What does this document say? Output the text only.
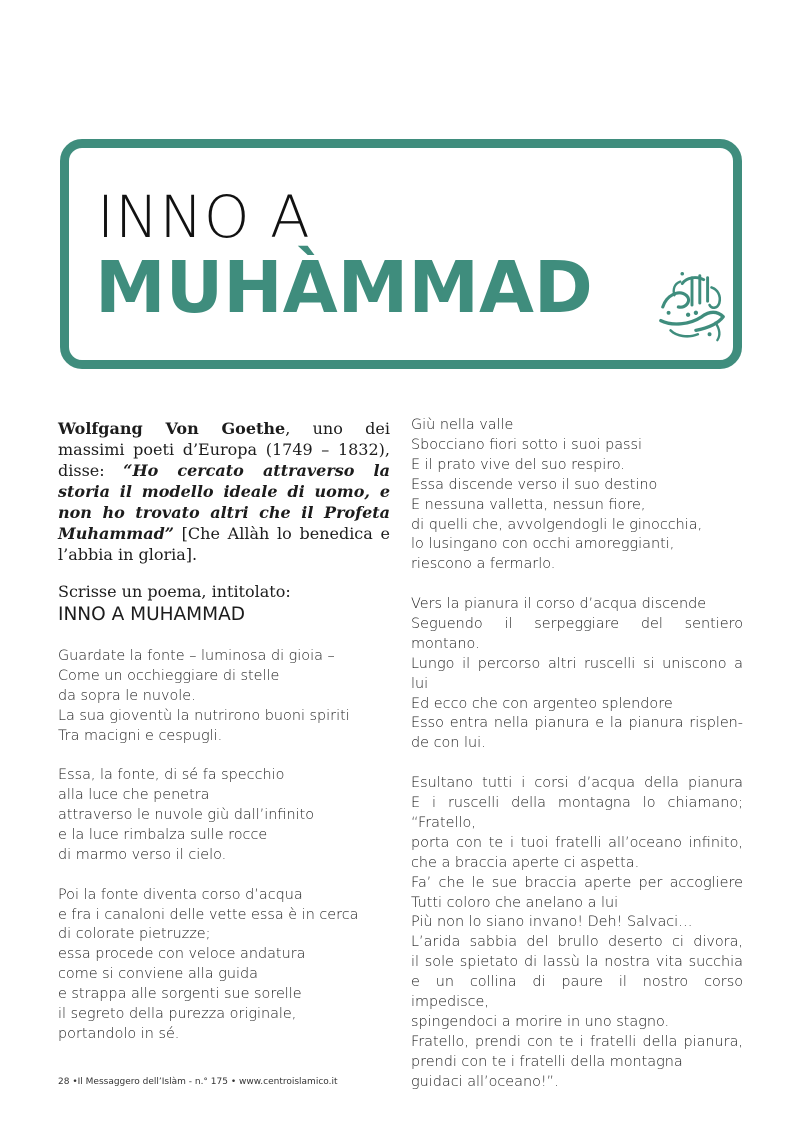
INNO A
MUHÀMMAD

Wolfgang Von Goethe, uno dei massimi poeti d’Europa (1749 – 1832), disse: “Ho cercato attraverso la storia il modello ideale di uomo, e non ho trovato altri che il Profeta Muhammad” [Che Allàh lo benedica e l’abbia in gloria].

Scrisse un poema, intitolato:

INNO A MUHAMMAD

Guardate la fonte – luminosa di gioia –
Come un occhieggiare di stelle
da sopra le nuvole.
La sua gioventù la nutrirono buoni spiriti
Tra macigni e cespugli.

Essa, la fonte, di sé fa specchio
alla luce che penetra
attraverso le nuvole giù dall’infinito
e la luce rimbalza sulle rocce
di marmo verso il cielo.

Poi la fonte diventa corso d’acqua
e fra i canaloni delle vette essa è in cerca
di colorate pietruzze;
essa procede con veloce andatura
come si conviene alla guida
e strappa alle sorgenti sue sorelle
il segreto della purezza originale,
portandolo in sé.

Giù nella valle
Sbocciano fiori sotto i suoi passi
E il prato vive del suo respiro.
Essa discende verso il suo destino
E nessuna valletta, nessun fiore,
di quelli che, avvolgendogli le ginocchia,
lo lusingano con occhi amoreggianti,
riescono a fermarlo.

Vers la pianura il corso d’acqua discende
Seguendo il serpeggiare del sentiero montano.
Lungo il percorso altri ruscelli si uniscono a lui
Ed ecco che con argenteo splendore
Esso entra nella pianura e la pianura risplen-
de con lui.

Esultano tutti i corsi d’acqua della pianura
E i ruscelli della montagna lo chiamano;
“Fratello,
porta con te i tuoi fratelli all’oceano infinito,
che a braccia aperte ci aspetta.
Fa’ che le sue braccia aperte per accogliere
Tutti coloro che anelano a lui
Più non lo siano invano! Deh! Salvaci…
L’arida sabbia del brullo deserto ci divora,
il sole spietato di lassù la nostra vita succhia
e un collina di paure il nostro corso impedisce,
spingendoci a morire in uno stagno.
Fratello, prendi con te i fratelli della pianura,
prendi con te i fratelli della montagna
guidaci all’oceano!”.

28 •Il Messaggero dell’Islàm - n.° 175 • www.centroislamico.it
